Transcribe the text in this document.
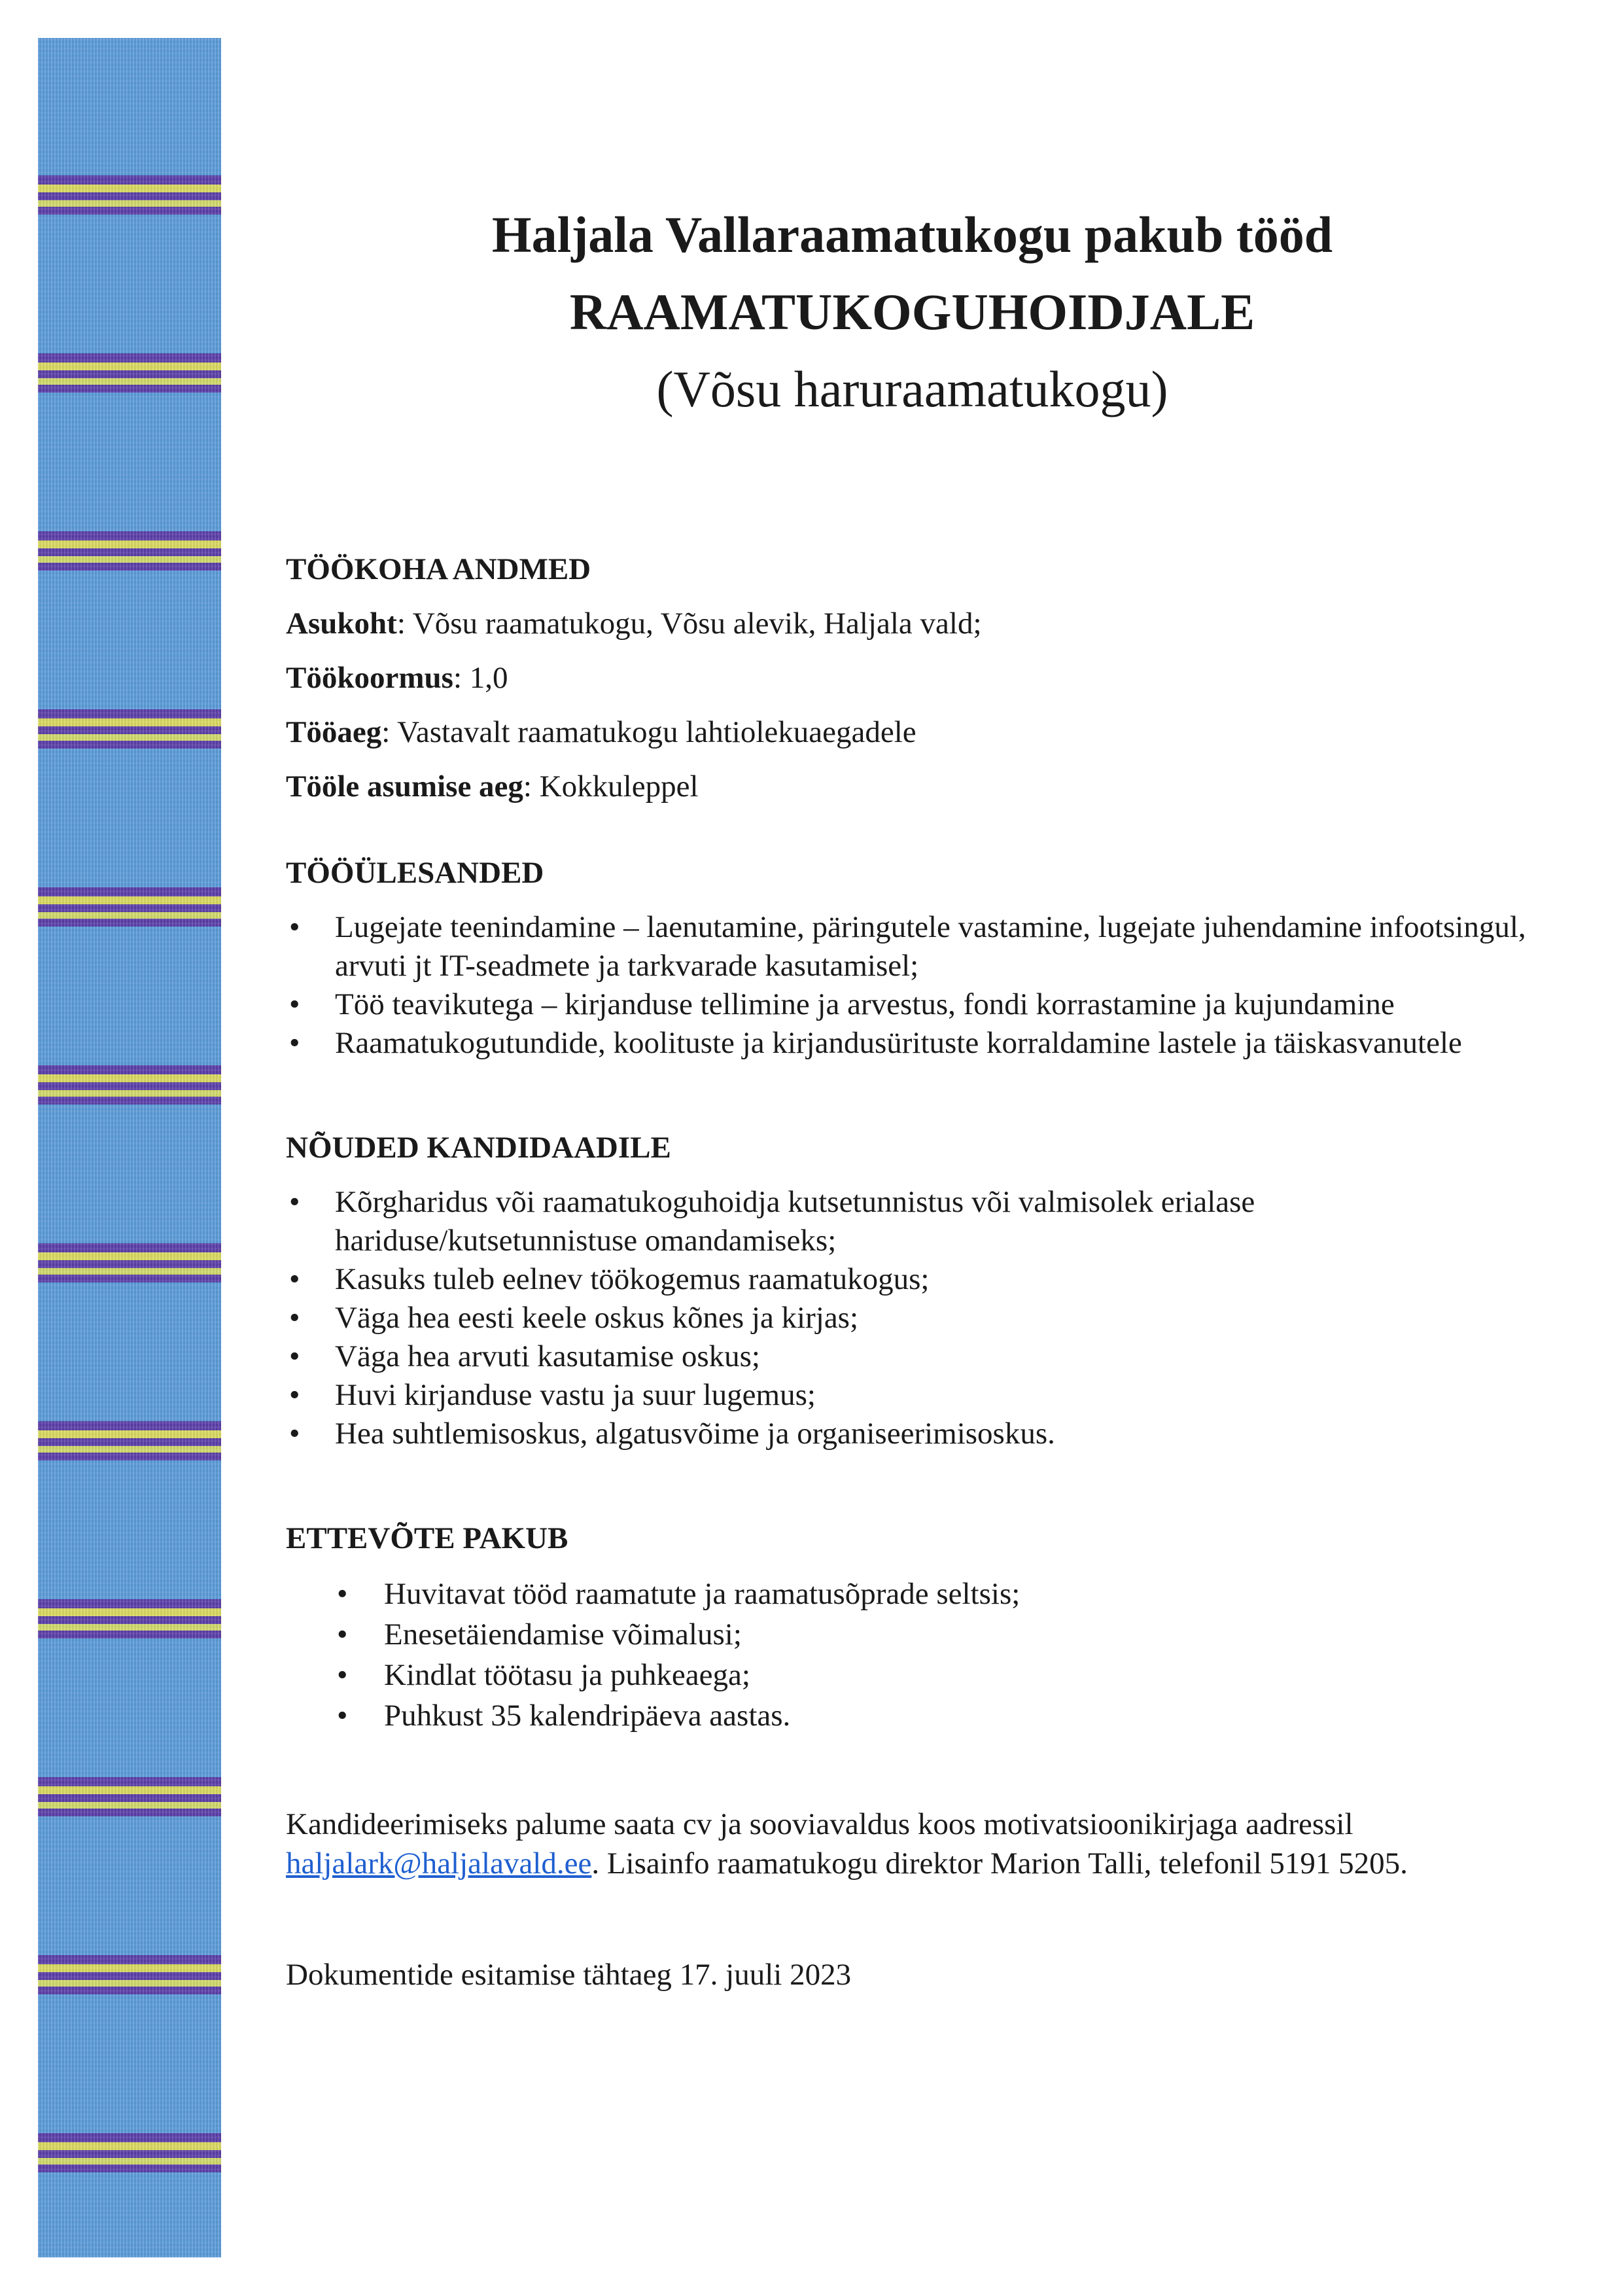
Haljala Vallaraamatukogu pakub tööd
RAAMATUKOGUHOIDJALE
(Võsu haruraamatukogu)

TÖÖKOHA ANDMED

Asukoht: Võsu raamatukogu, Võsu alevik, Haljala vald;

Töökoormus: 1,0

Tööaeg: Vastavalt raamatukogu lahtiolekuaegadele

Tööle asumise aeg: Kokkuleppel

TÖÖÜLESANDED

• Lugejate teenindamine – laenutamine, päringutele vastamine, lugejate juhendamine infootsingul, arvuti jt IT-seadmete ja tarkvarade kasutamisel;
• Töö teavikutega – kirjanduse tellimine ja arvestus, fondi korrastamine ja kujundamine
• Raamatukogutundide, koolituste ja kirjandusürituste korraldamine lastele ja täiskasvanutele

NÕUDED KANDIDAADILE

• Kõrgharidus või raamatukoguhoidja kutsetunnistus või valmisolek erialase hariduse/kutsetunnistuse omandamiseks;
• Kasuks tuleb eelnev töökogemus raamatukogus;
• Väga hea eesti keele oskus kõnes ja kirjas;
• Väga hea arvuti kasutamise oskus;
• Huvi kirjanduse vastu ja suur lugemus;
• Hea suhtlemisoskus, algatusvõime ja organiseerimisoskus.

ETTEVÕTE PAKUB

• Huvitavat tööd raamatute ja raamatusõprade seltsis;
• Enesetäiendamise võimalusi;
• Kindlat töötasu ja puhkeaega;
• Puhkust 35 kalendripäeva aastas.

Kandideerimiseks palume saata cv ja sooviavaldus koos motivatsioonikirjaga aadressil
haljalark@haljalavald.ee. Lisainfo raamatukogu direktor Marion Talli, telefonil 5191 5205.

Dokumentide esitamise tähtaeg 17. juuli 2023
